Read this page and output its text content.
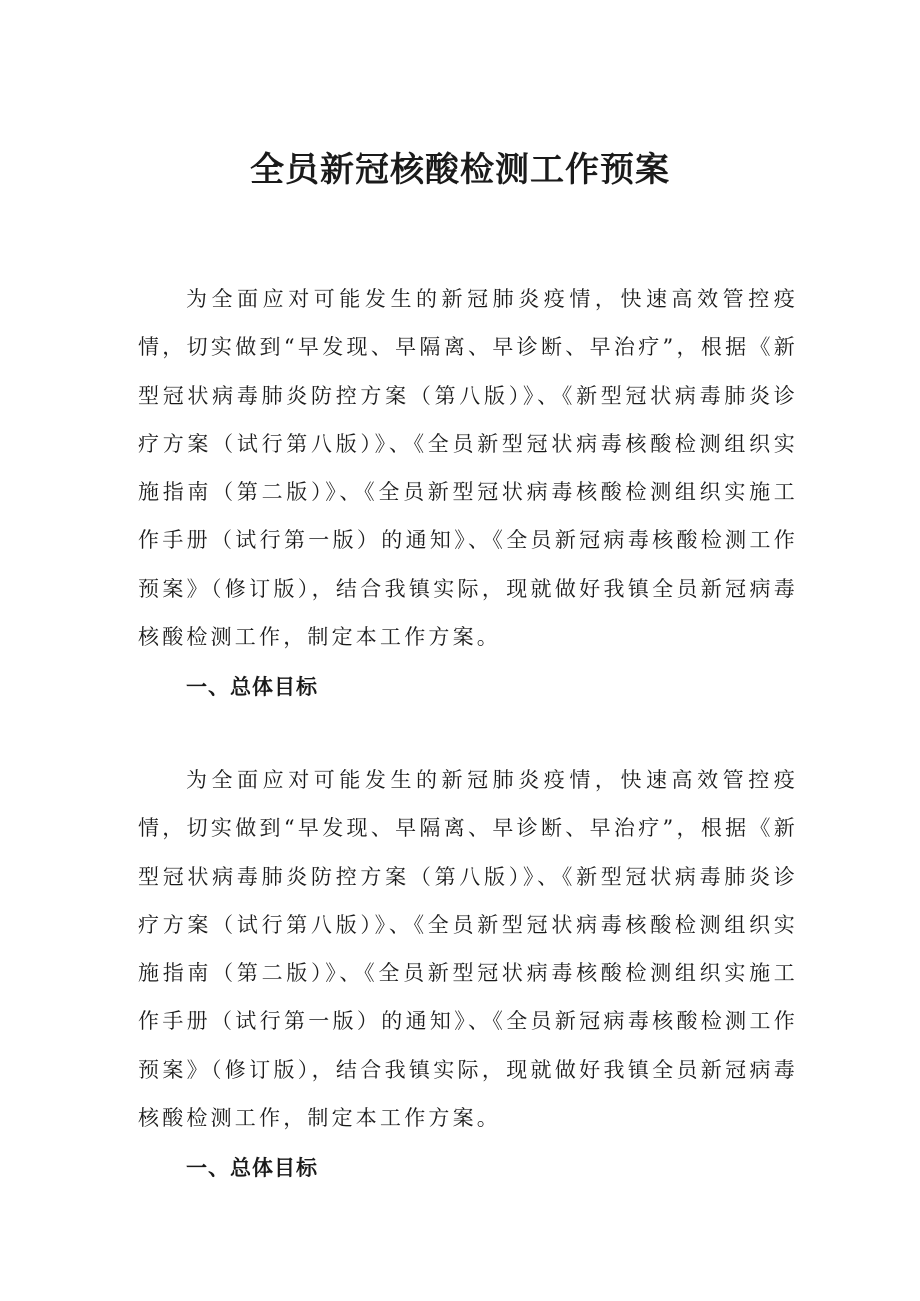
全员新冠核酸检测工作预案

为全面应对可能发生的新冠肺炎疫情，快速高效管控疫情，切实做到“早发现、早隔离、早诊断、早治疗”，根据《新型冠状病毒肺炎防控方案（第八版）》、《新型冠状病毒肺炎诊疗方案（试行第八版）》、《全员新型冠状病毒核酸检测组织实施指南（第二版）》、《全员新型冠状病毒核酸检测组织实施工作手册（试行第一版）的通知》、《全员新冠病毒核酸检测工作预案》（修订版），结合我镇实际，现就做好我镇全员新冠病毒核酸检测工作，制定本工作方案。

一、总体目标

为全面应对可能发生的新冠肺炎疫情，快速高效管控疫情，切实做到“早发现、早隔离、早诊断、早治疗”，根据《新型冠状病毒肺炎防控方案（第八版）》、《新型冠状病毒肺炎诊疗方案（试行第八版）》、《全员新型冠状病毒核酸检测组织实施指南（第二版）》、《全员新型冠状病毒核酸检测组织实施工作手册（试行第一版）的通知》、《全员新冠病毒核酸检测工作预案》（修订版），结合我镇实际，现就做好我镇全员新冠病毒核酸检测工作，制定本工作方案。

一、总体目标
